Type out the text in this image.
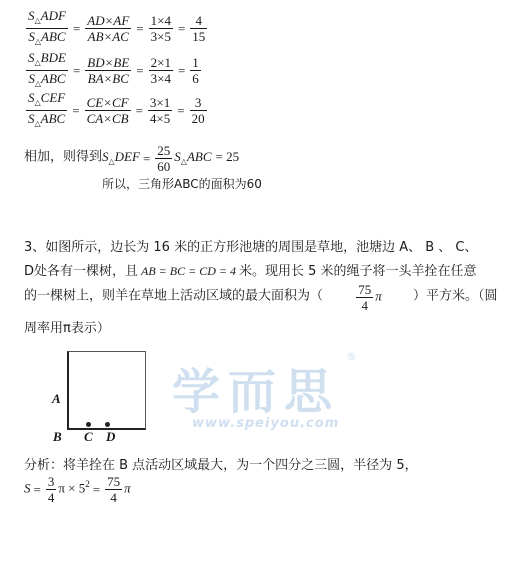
$\frac{S_\triangle ADF}{S_\triangle ABC} = \frac{AD\times AF}{AB\times AC} = \frac{1\times 4}{3\times 5} = \frac{4}{15}$
$\frac{S_\triangle BDE}{S_\triangle ABC} = \frac{BD\times BE}{BA\times BC} = \frac{2\times 1}{3\times 4} = \frac{1}{6}$
$\frac{S_\triangle CEF}{S_\triangle ABC} = \frac{CE\times CF}{CA\times CB} = \frac{3\times 1}{4\times 5} = \frac{3}{20}$
相加，则得到$S_\triangle DEF = \frac{25}{60} S_\triangle ABC = 25$
所以，三角形ABC的面积为60
3、如图所示，边长为 16 米的正方形池塘的周围是草地，池塘边 A、 B 、 C、
D处各有一棵树，且 AB = BC = CD = 4 米。现用长 5 米的绳子将一头羊拴在任意
的一棵树上，则羊在草地上活动区域的最大面积为（	$\frac{75}{4}$ π ）平方米。（圆
周率用π表示）
A
B C D
学而思
www.speiyou.com
®
分析：将羊拴在 B 点活动区域最大，为一个四分之三圆，半径为 5，
$S = \frac{3}{4}$ $\pi \times 5^2 = \frac{75}{4}$ π
